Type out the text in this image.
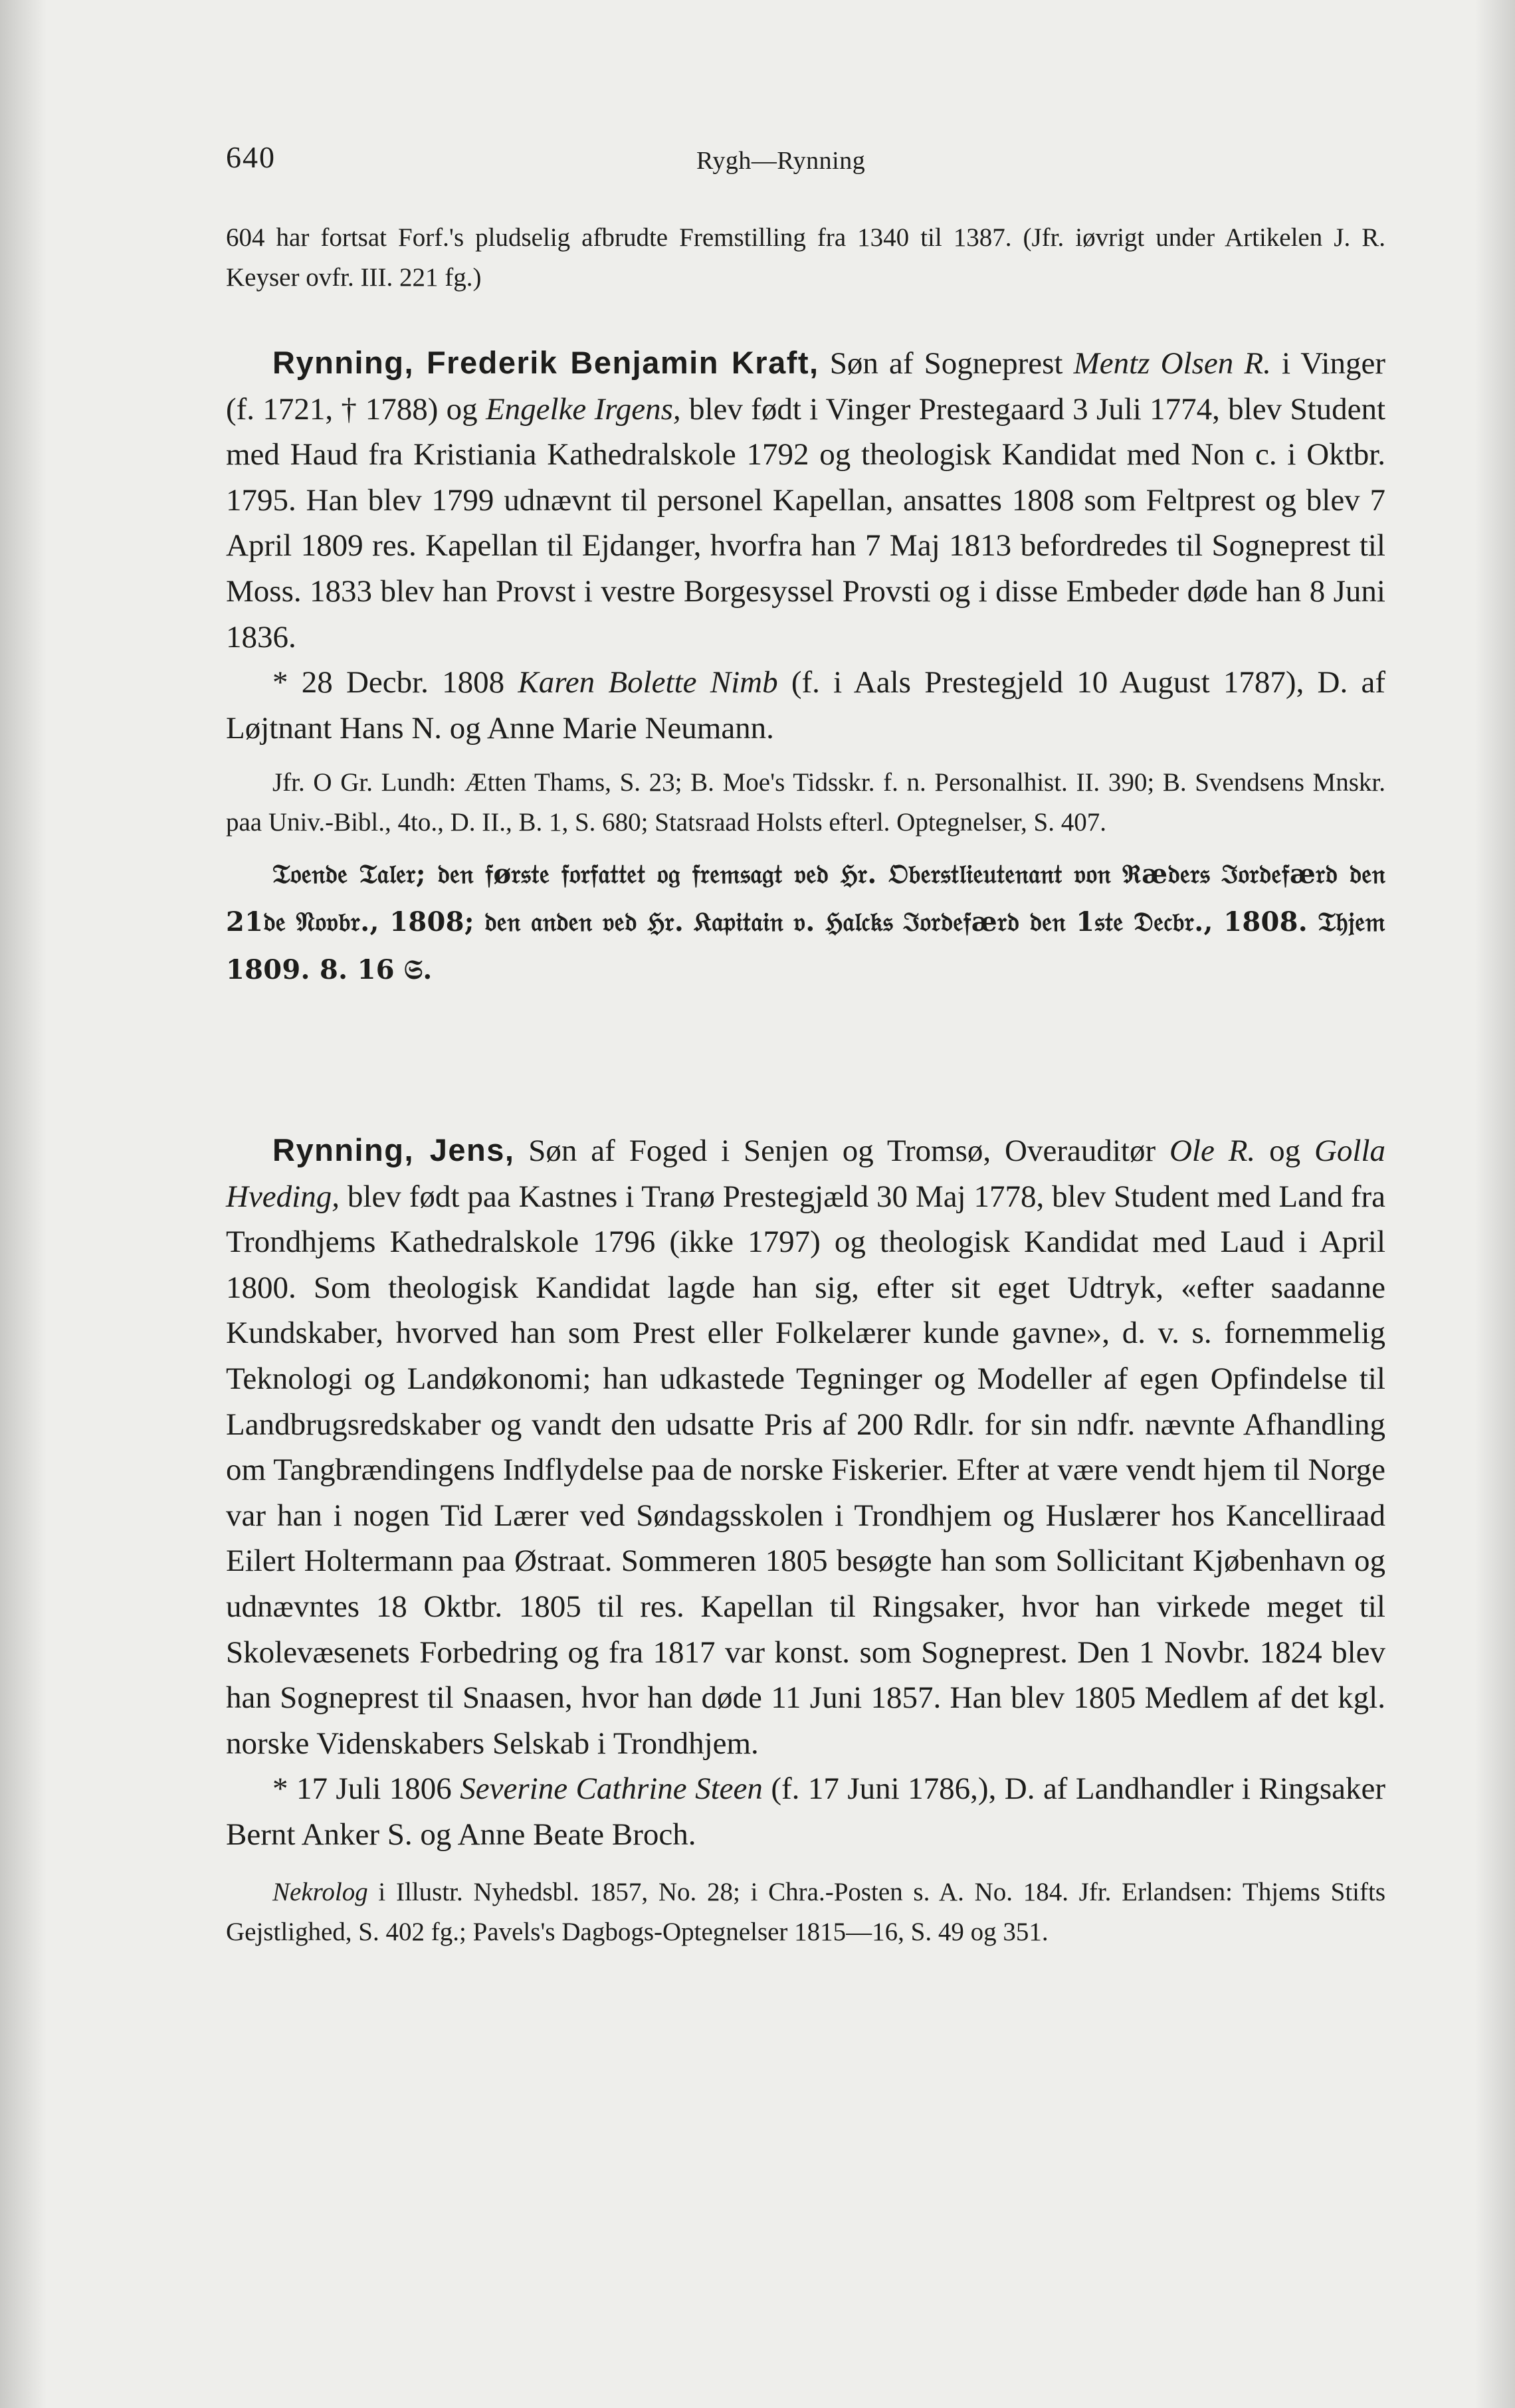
640	Rygh—Rynning

604 har fortsat Forf.'s pludselig afbrudte Fremstilling fra 1340 til 1387. (Jfr. iøvrigt under Artikelen J. R. Keyser ovfr. III. 221 fg.)

Rynning, Frederik Benjamin Kraft, Søn af Sogneprest Mentz Olsen R. i Vinger (f. 1721, † 1788) og Engelke Irgens, blev født i Vinger Prestegaard 3 Juli 1774, blev Student med Haud fra Kristiania Kathedralskole 1792 og theologisk Kandidat med Non c. i Oktbr. 1795. Han blev 1799 udnævnt til personel Kapellan, ansattes 1808 som Feltprest og blev 7 April 1809 res. Kapellan til Ejdanger, hvorfra han 7 Maj 1813 befordredes til Sogneprest til Moss. 1833 blev han Provst i vestre Borgesyssel Provsti og i disse Embeder døde han 8 Juni 1836.

* 28 Decbr. 1808 Karen Bolette Nimb (f. i Aals Prestegjeld 10 August 1787), D. af Løjtnant Hans N. og Anne Marie Neumann.

Jfr. O Gr. Lundh: Ætten Thams, S. 23; B. Moe's Tidsskr. f. n. Personalhist. II. 390; B. Svendsens Mnskr. paa Univ.-Bibl., 4to., D. II., B. 1, S. 680; Statsraad Holsts efterl. Optegnelser, S. 407.

𝔗𝔬𝔢𝔫𝔡𝔢 𝔗𝔞𝔩𝔢𝔯; 𝔡𝔢𝔫 𝔣ø𝔯𝔰𝔱𝔢 𝔣𝔬𝔯𝔣𝔞𝔱𝔱𝔢𝔱 𝔬𝔤 𝔣𝔯𝔢𝔪𝔰𝔞𝔤𝔱 𝔳𝔢𝔡 ℌ𝔯. 𝔒𝔟𝔢𝔯𝔰𝔱𝔩𝔦𝔢𝔲𝔱𝔢𝔫𝔞𝔫𝔱 𝔳𝔬𝔫 ℜæ𝔡𝔢𝔯𝔰 ℑ𝔬𝔯𝔡𝔢𝔣æ𝔯𝔡 𝔡𝔢𝔫 21𝔡𝔢 𝔑𝔬𝔳𝔟𝔯., 1808; 𝔡𝔢𝔫 𝔞𝔫𝔡𝔢𝔫 𝔳𝔢𝔡 ℌ𝔯. 𝔎𝔞𝔭𝔦𝔱𝔞𝔦𝔫 𝔳. ℌ𝔞𝔩𝔠𝔨𝔰 ℑ𝔬𝔯𝔡𝔢𝔣æ𝔯𝔡 𝔡𝔢𝔫 1𝔰𝔱𝔢 𝔇𝔢𝔠𝔟𝔯., 1808. 𝔗𝔥𝔧𝔢𝔪 1809. 8. 16 𝔖.

Rynning, Jens, Søn af Foged i Senjen og Tromsø, Overauditør Ole R. og Golla Hveding, blev født paa Kastnes i Tranø Prestegjæld 30 Maj 1778, blev Student med Land fra Trondhjems Kathedralskole 1796 (ikke 1797) og theologisk Kandidat med Laud i April 1800. Som theologisk Kandidat lagde han sig, efter sit eget Udtryk, «efter saadanne Kundskaber, hvorved han som Prest eller Folkelærer kunde gavne», d. v. s. fornemmelig Teknologi og Landøkonomi; han udkastede Tegninger og Modeller af egen Opfindelse til Landbrugsredskaber og vandt den udsatte Pris af 200 Rdlr. for sin ndfr. nævnte Afhandling om Tangbrændingens Indflydelse paa de norske Fiskerier. Efter at være vendt hjem til Norge var han i nogen Tid Lærer ved Søndagsskolen i Trondhjem og Huslærer hos Kancelliraad Eilert Holtermann paa Østraat. Sommeren 1805 besøgte han som Sollicitant Kjøbenhavn og udnævntes 18 Oktbr. 1805 til res. Kapellan til Ringsaker, hvor han virkede meget til Skolevæsenets Forbedring og fra 1817 var konst. som Sogneprest. Den 1 Novbr. 1824 blev han Sogneprest til Snaasen, hvor han døde 11 Juni 1857. Han blev 1805 Medlem af det kgl. norske Videnskabers Selskab i Trondhjem.

* 17 Juli 1806 Severine Cathrine Steen (f. 17 Juni 1786,), D. af Landhandler i Ringsaker Bernt Anker S. og Anne Beate Broch.

Nekrolog i Illustr. Nyhedsbl. 1857, No. 28; i Chra.-Posten s. A. No. 184. Jfr. Erlandsen: Thjems Stifts Gejstlighed, S. 402 fg.; Pavels's Dagbogs-Optegnelser 1815—16, S. 49 og 351.
